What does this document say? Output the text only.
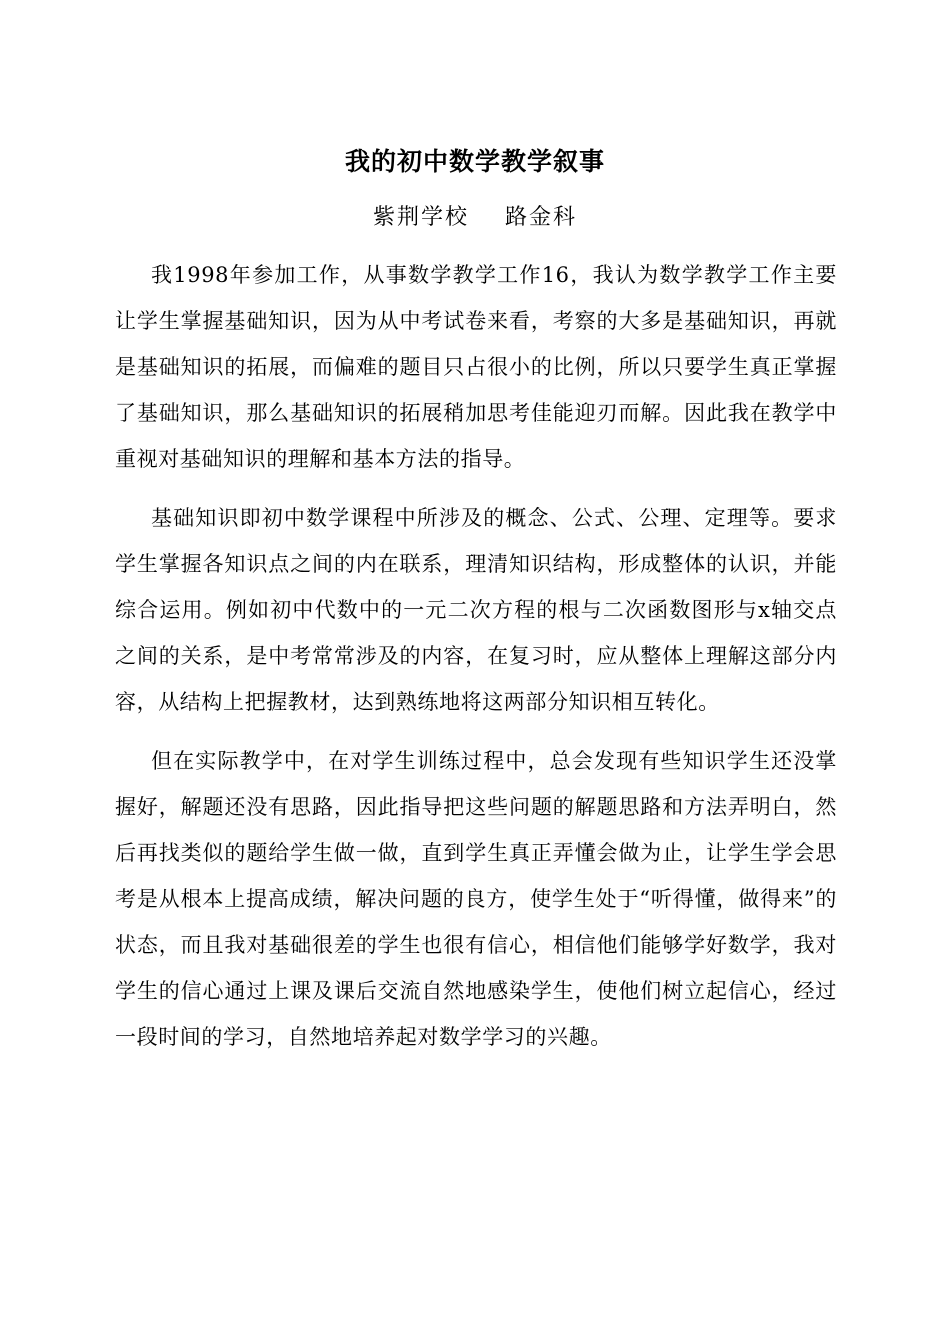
我的初中数学教学叙事
紫荆学校    路金科

我1998年参加工作，从事数学教学工作16，我认为数学教学工作主要让学生掌握基础知识，因为从中考试卷来看，考察的大多是基础知识，再就是基础知识的拓展，而偏难的题目只占很小的比例，所以只要学生真正掌握了基础知识，那么基础知识的拓展稍加思考佳能迎刃而解。因此我在教学中重视对基础知识的理解和基本方法的指导。

基础知识即初中数学课程中所涉及的概念、公式、公理、定理等。要求学生掌握各知识点之间的内在联系，理清知识结构，形成整体的认识，并能综合运用。例如初中代数中的一元二次方程的根与二次函数图形与x轴交点之间的关系，是中考常常涉及的内容，在复习时，应从整体上理解这部分内容，从结构上把握教材，达到熟练地将这两部分知识相互转化。

但在实际教学中，在对学生训练过程中，总会发现有些知识学生还没掌握好，解题还没有思路，因此指导把这些问题的解题思路和方法弄明白，然后再找类似的题给学生做一做，直到学生真正弄懂会做为止，让学生学会思考是从根本上提高成绩，解决问题的良方，使学生处于“听得懂，做得来”的状态，而且我对基础很差的学生也很有信心，相信他们能够学好数学，我对学生的信心通过上课及课后交流自然地感染学生，使他们树立起信心，经过一段时间的学习，自然地培养起对数学学习的兴趣。
